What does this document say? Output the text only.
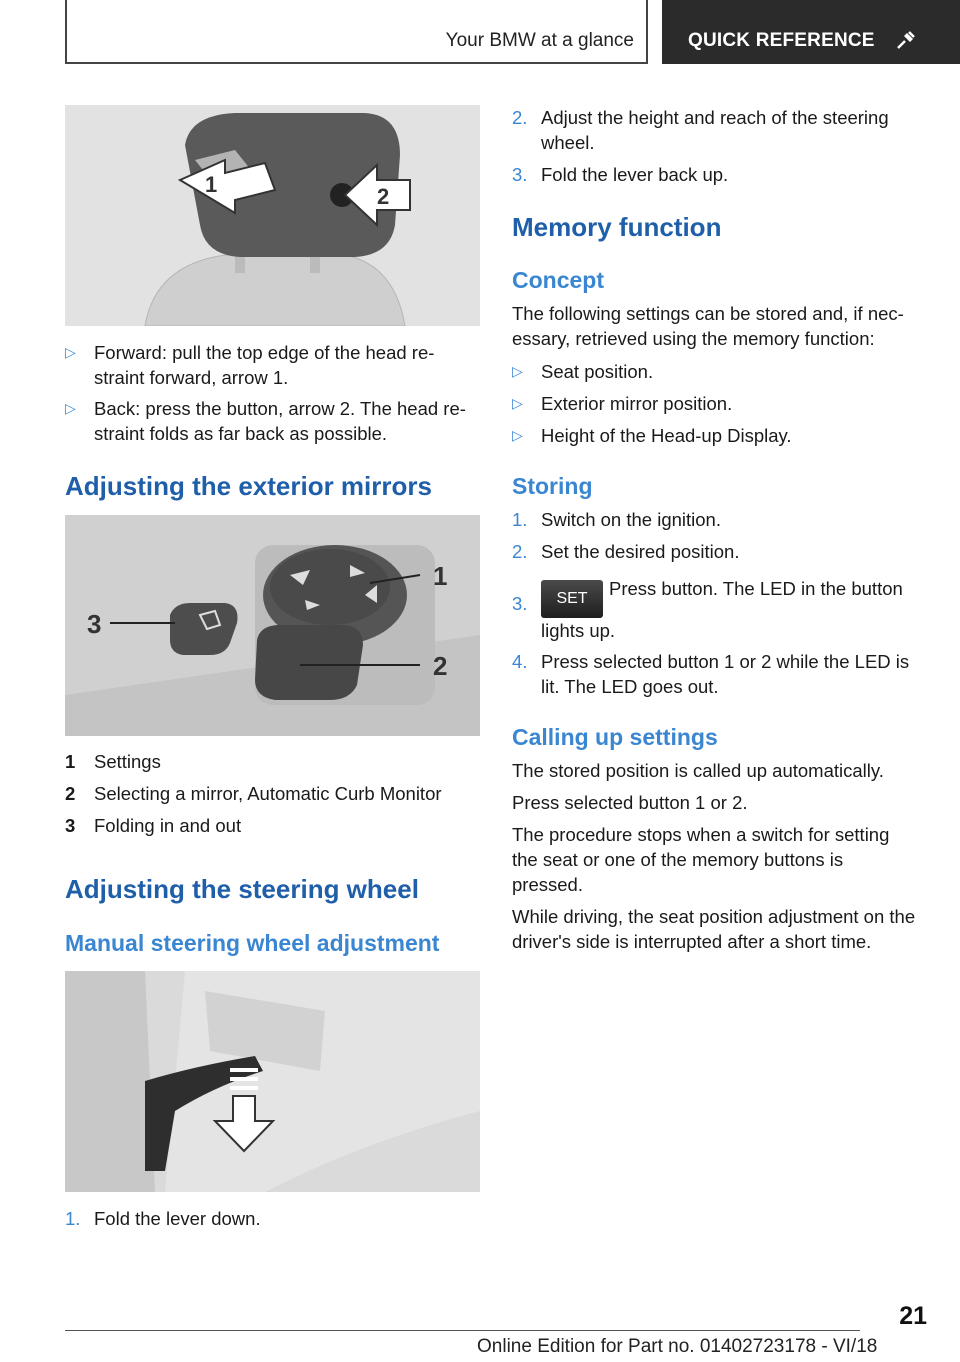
Your BMW at a glance	QUICK REFERENCE
1	2
▷ Forward: pull the top edge of the head re-straint forward, arrow 1.
▷ Back: press the button, arrow 2. The head re-straint folds as far back as possible.
Adjusting the exterior mirrors
1
2
3
1 Settings
2 Selecting a mirror, Automatic Curb Monitor
3 Folding in and out
Adjusting the steering wheel
Manual steering wheel adjustment
1. Fold the lever down.
2. Adjust the height and reach of the steering wheel.
3. Fold the lever back up.
Memory function
Concept
The following settings can be stored and, if nec-essary, retrieved using the memory function:
▷ Seat position.
▷ Exterior mirror position.
▷ Height of the Head-up Display.
Storing
1. Switch on the ignition.
2. Set the desired position.
3.	SET Press button. The LED in the button lights up.
4. Press selected button 1 or 2 while the LED is lit. The LED goes out.
Calling up settings
The stored position is called up automatically.
Press selected button 1 or 2.
The procedure stops when a switch for setting the seat or one of the memory buttons is pressed.
While driving, the seat position adjustment on the driver's side is interrupted after a short time.
21
Online Edition for Part no. 01402723178 - VI/18
